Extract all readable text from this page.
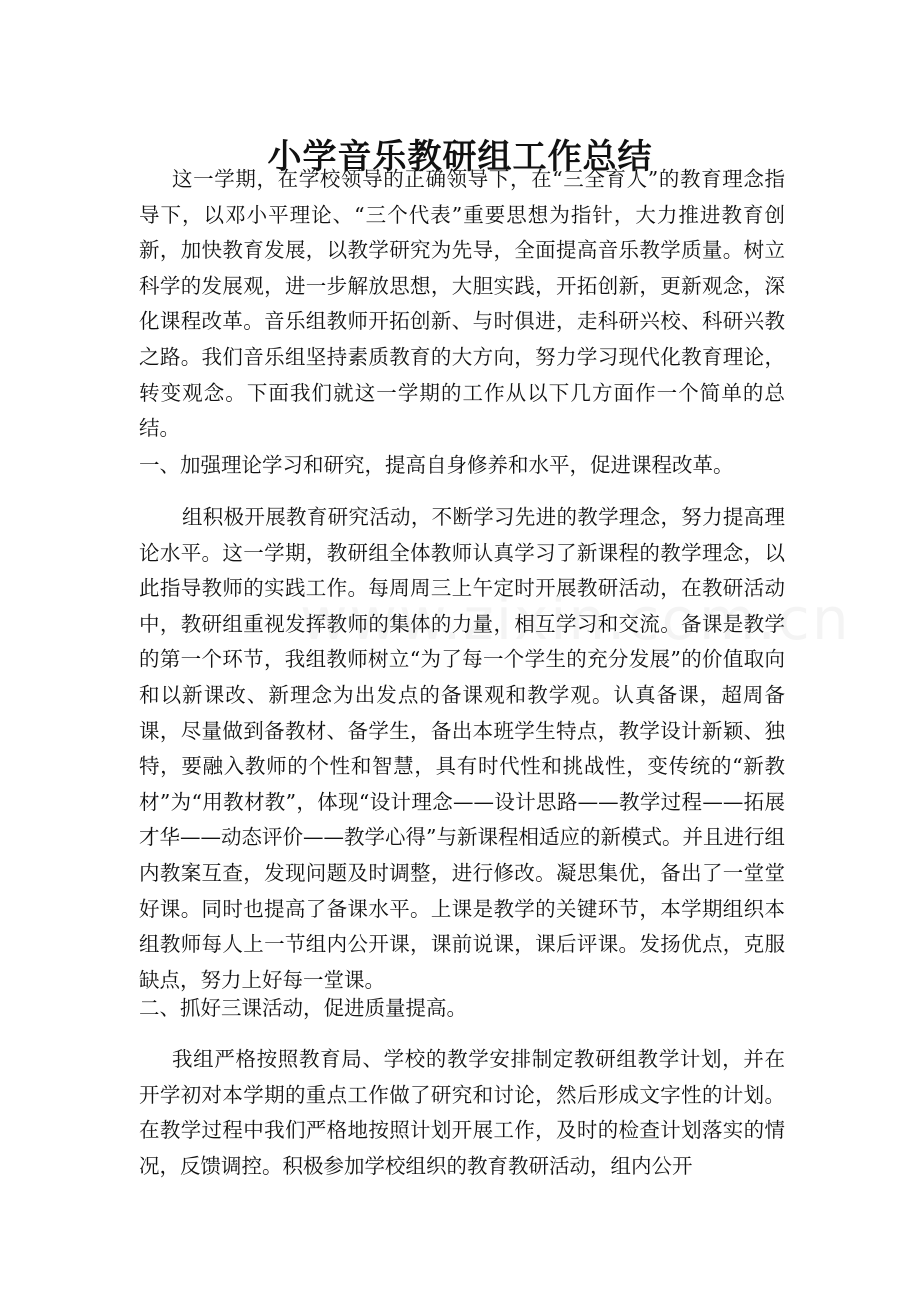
小学音乐教研组工作总结

这一学期，在学校领导的正确领导下，在“三全育人”的教育理念指导下，以邓小平理论、“三个代表”重要思想为指针，大力推进教育创新，加快教育发展，以教学研究为先导，全面提高音乐教学质量。树立科学的发展观，进一步解放思想，大胆实践，开拓创新，更新观念，深化课程改革。音乐组教师开拓创新、与时俱进，走科研兴校、科研兴教之路。我们音乐组坚持素质教育的大方向，努力学习现代化教育理论，转变观念。下面我们就这一学期的工作从以下几方面作一个简单的总结。

一、加强理论学习和研究，提高自身修养和水平，促进课程改革。

组积极开展教育研究活动，不断学习先进的教学理念，努力提高理论水平。这一学期，教研组全体教师认真学习了新课程的教学理念，以此指导教师的实践工作。每周周三上午定时开展教研活动，在教研活动中，教研组重视发挥教师的集体的力量，相互学习和交流。备课是教学的第一个环节，我组教师树立“为了每一个学生的充分发展”的价值取向和以新课改、新理念为出发点的备课观和教学观。认真备课，超周备课，尽量做到备教材、备学生，备出本班学生特点，教学设计新颖、独特，要融入教师的个性和智慧，具有时代性和挑战性，变传统的“新教材”为“用教材教”，体现“设计理念——设计思路——教学过程——拓展才华——动态评价——教学心得”与新课程相适应的新模式。并且进行组内教案互查，发现问题及时调整，进行修改。凝思集优，备出了一堂堂好课。同时也提高了备课水平。上课是教学的关键环节，本学期组织本组教师每人上一节组内公开课，课前说课，课后评课。发扬优点，克服缺点，努力上好每一堂课。

二、抓好三课活动，促进质量提高。

我组严格按照教育局、学校的教学安排制定教研组教学计划，并在开学初对本学期的重点工作做了研究和讨论，然后形成文字性的计划。在教学过程中我们严格地按照计划开展工作，及时的检查计划落实的情况，反馈调控。积极参加学校组织的教育教研活动，组内公开
